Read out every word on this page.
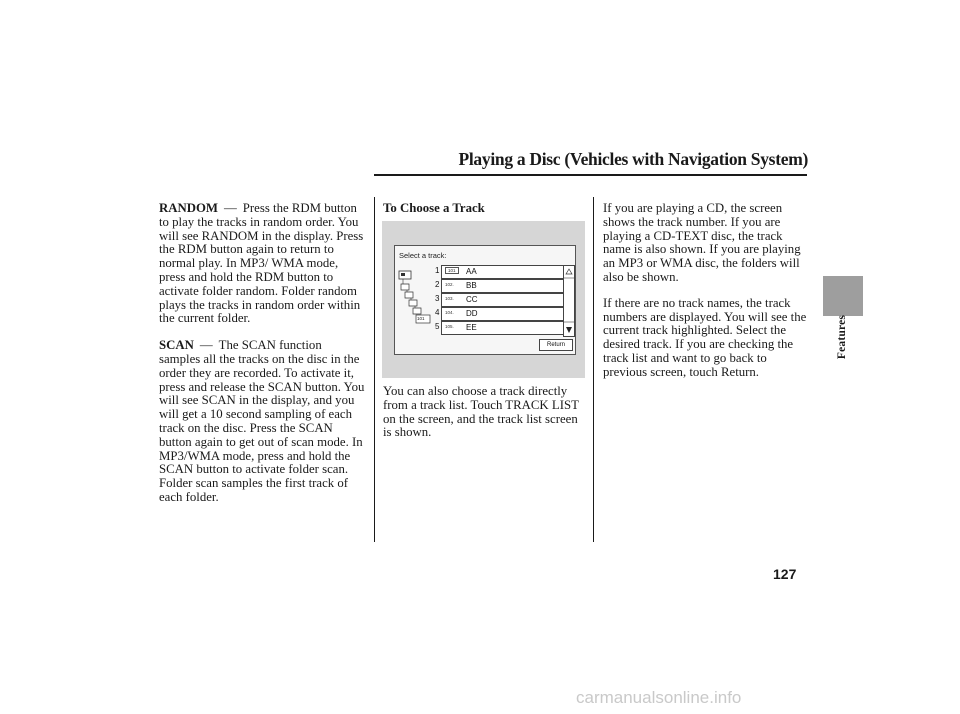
Playing a Disc (Vehicles with Navigation System)
Features

RANDOM — Press the RDM button to play the tracks in random order. You will see RANDOM in the display. Press the RDM button again to return to normal play. In MP3/ WMA mode, press and hold the RDM button to activate folder random. Folder random plays the tracks in random order within the current folder.

SCAN — The SCAN function samples all the tracks on the disc in the order they are recorded. To activate it, press and release the SCAN button. You will see SCAN in the display, and you will get a 10 second sampling of each track on the disc. Press the SCAN button again to get out of scan mode. In MP3/WMA mode, press and hold the SCAN button to activate folder scan. Folder scan samples the first track of each folder.

To Choose a Track
Select a track:
101
1	101	AA
2 102. BB
3 103. CC
4 104. DD
5 105. EE
Return
You can also choose a track directly from a track list. Touch TRACK LIST on the screen, and the track list screen is shown.

If you are playing a CD, the screen shows the track number. If you are playing a CD-TEXT disc, the track name is also shown. If you are playing an MP3 or WMA disc, the folders will also be shown.

If there are no track names, the track numbers are displayed. You will see the current track highlighted. Select the desired track. If you are checking the track list and want to go back to previous screen, touch Return.

127
carmanualsonline.info
